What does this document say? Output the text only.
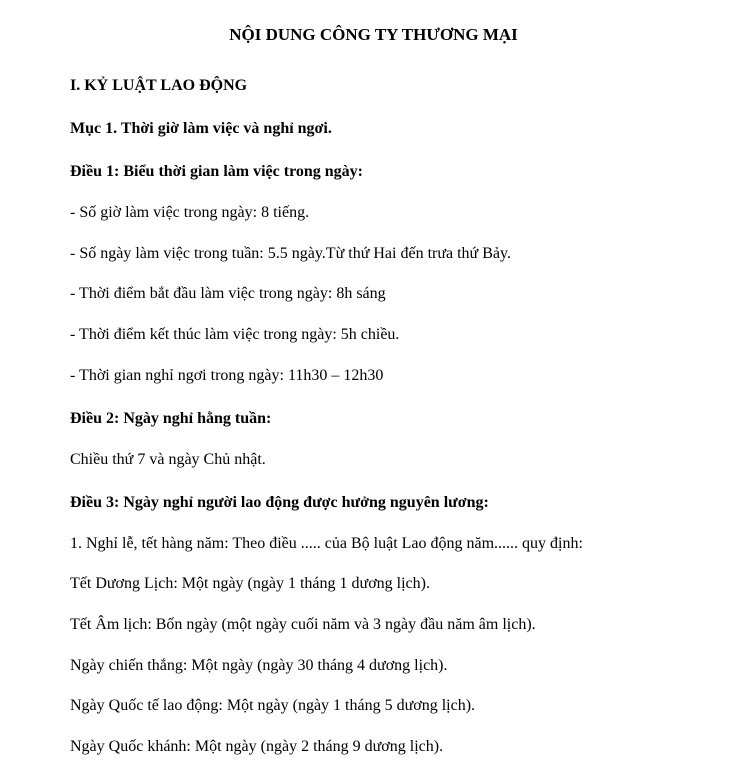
NỘI DUNG CÔNG TY THƯƠNG MẠI

I. KỶ LUẬT LAO ĐỘNG

Mục 1. Thời giờ làm việc và nghỉ ngơi.

Điều 1: Biểu thời gian làm việc trong ngày:

- Số giờ làm việc trong ngày: 8 tiếng.

- Số ngày làm việc trong tuần: 5.5 ngày.Từ thứ Hai đến trưa thứ Bảy.

- Thời điểm bắt đầu làm việc trong ngày: 8h sáng

- Thời điểm kết thúc làm việc trong ngày: 5h chiều.

- Thời gian nghỉ ngơi trong ngày: 11h30 – 12h30

Điều 2: Ngày nghỉ hằng tuần:

Chiều thứ 7 và ngày Chủ nhật.

Điều 3: Ngày nghỉ người lao động được hưởng nguyên lương:

1. Nghỉ lễ, tết hàng năm: Theo điều ..... của Bộ luật Lao động năm...... quy định:

Tết Dương Lịch: Một ngày (ngày 1 tháng 1 dương lịch).

Tết Âm lịch: Bốn ngày (một ngày cuối năm và 3 ngày đầu năm âm lịch).

Ngày chiến thắng: Một ngày (ngày 30 tháng 4 dương lịch).

Ngày Quốc tế lao động: Một ngày (ngày 1 tháng 5 dương lịch).

Ngày Quốc khánh: Một ngày (ngày 2 tháng 9 dương lịch).
